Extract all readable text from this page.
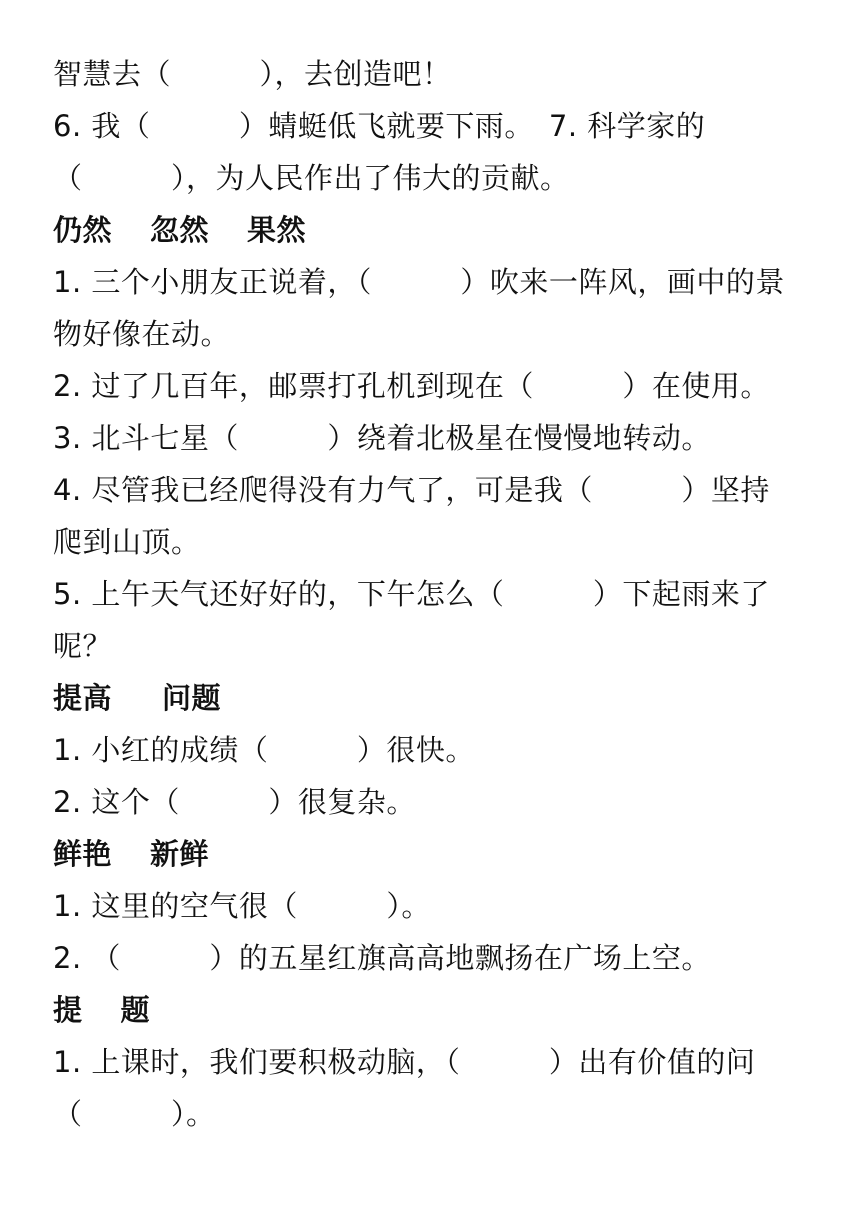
智慧去（　　　），去创造吧！
6. 我（　　　）蜻蜓低飞就要下雨。　7. 科学家的
（　　　），为人民作出了伟大的贡献。
仍然 忽然 果然
1. 三个小朋友正说着，（　　　）吹来一阵风，画中的景
物好像在动。
2. 过了几百年，邮票打孔机到现在（　　　）在使用。
3. 北斗七星（　　　）绕着北极星在慢慢地转动。
4. 尽管我已经爬得没有力气了，可是我（　　　）坚持
爬到山顶。
5. 上午天气还好好的，下午怎么（　　　）下起雨来了
呢？
提高 问题
1. 小红的成绩（　　　）很快。
2. 这个（　　　）很复杂。
鲜艳 新鲜
1. 这里的空气很（　　　）。
2. （　　　）的五星红旗高高地飘扬在广场上空。
提 题
1. 上课时，我们要积极动脑，（　　　）出有价值的问
（　　　）。
